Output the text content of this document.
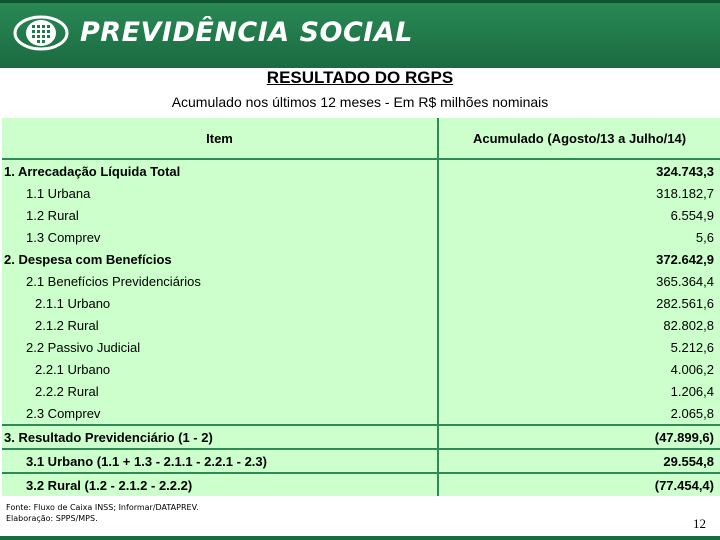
PREVIDÊNCIA SOCIAL
RESULTADO DO RGPS
Acumulado nos últimos 12 meses - Em R$ milhões nominais
Item	Acumulado (Agosto/13 a Julho/14)
1. Arrecadação Líquida Total	324.743,3
1.1 Urbana	318.182,7
1.2 Rural	6.554,9
1.3 Comprev	5,6
2. Despesa com Benefícios	372.642,9
2.1 Benefícios Previdenciários	365.364,4
2.1.1 Urbano	282.561,6
2.1.2 Rural	82.802,8
2.2 Passivo Judicial	5.212,6
2.2.1 Urbano	4.006,2
2.2.2 Rural	1.206,4
2.3 Comprev	2.065,8
3. Resultado Previdenciário (1 - 2)	(47.899,6)
3.1 Urbano (1.1 + 1.3 - 2.1.1 - 2.2.1 - 2.3)	29.554,8
3.2 Rural (1.2 - 2.1.2 - 2.2.2)	(77.454,4)
Fonte: Fluxo de Caixa INSS; Informar/DATAPREV.
Elaboração: SPPS/MPS.	12
